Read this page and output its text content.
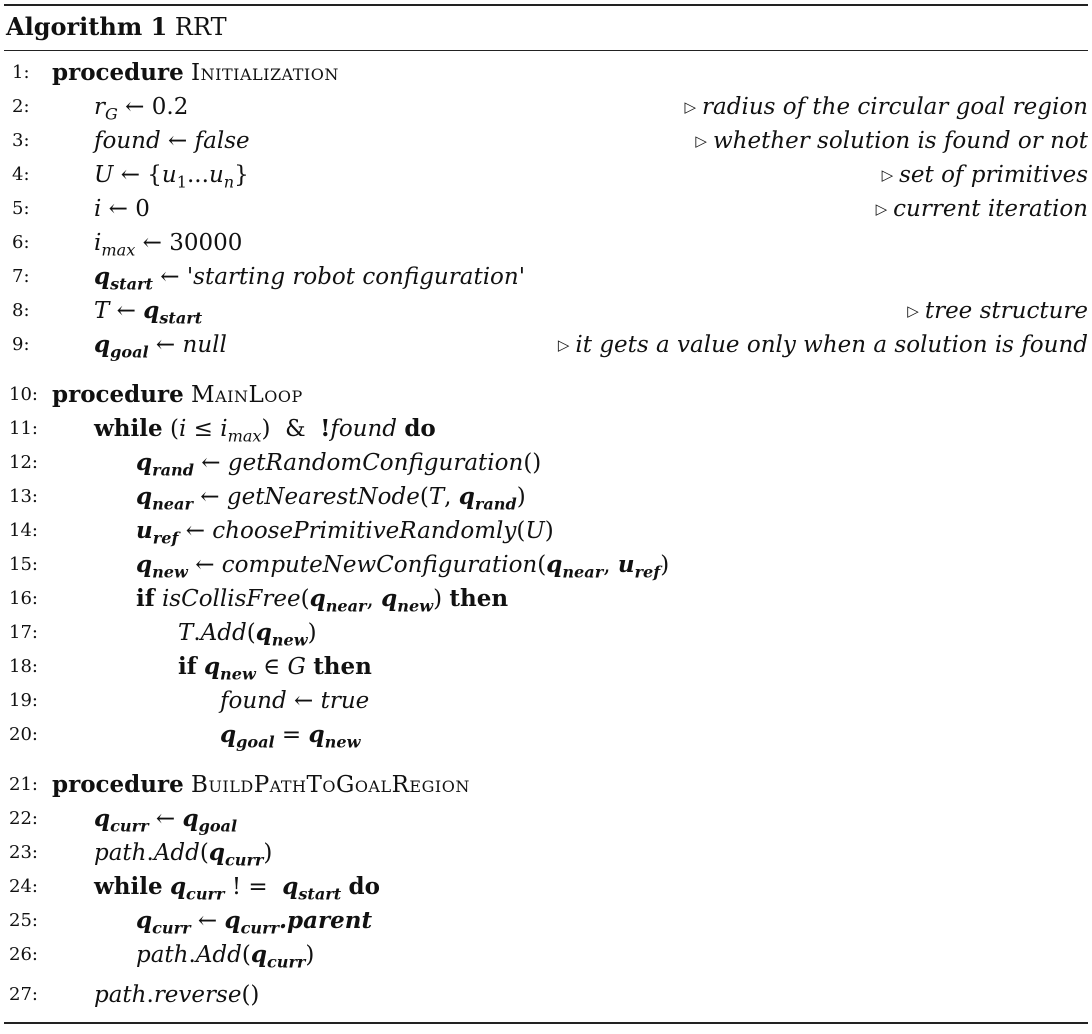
Algorithm 1 RRT
1: procedure Initialization
2:	$r_G$ ← 0.2	▷ radius of the circular goal region
3:	found ← false	▷ whether solution is found or not
4:	U ← $\{u_1...u_n\}$	▷ set of primitives
5:	i ← 0	▷ current iteration
6:	$i_{max}$ ← 30000
7:	$q_{start}$ ← 'starting robot configuration'
8:	T ← $q_{start}$	▷ tree structure
9:	$q_{goal}$ ← null	▷ it gets a value only when a solution is found
10: procedure MainLoop
11: while $(i \le i_{max})$  &  !found do
12:	$q_{rand}$ ← getRandomConfiguration()
13:	$q_{near}$ ← getNearestNode(T, $q_{rand}$)
14:	$u_{ref}$ ← choosePrimitiveRandomly(U)
15:	$q_{new}$ ← $computeNewConfiguration(q_{near}$, $u_{ref}$)
16:	if $isCollisFree(q_{near}$, $q_{new}$) then
17:	$T.Add(q_{new})$
18:	if $q_{new}$ ∈ G then
19:	found ← true
20:	$q_{goal} = q_{new}$
21: procedure BuildPathToGoalRegion
22: $q_{curr}$ ← $q_{goal}$
23: $path.Add(q_{curr})$
24: while $q_{curr}$ ! =  $q_{start}$ do
25:	$q_{curr}$ ← $q_{curr}.parent$
26:	$path.Add(q_{curr})$
27: path.reverse()
